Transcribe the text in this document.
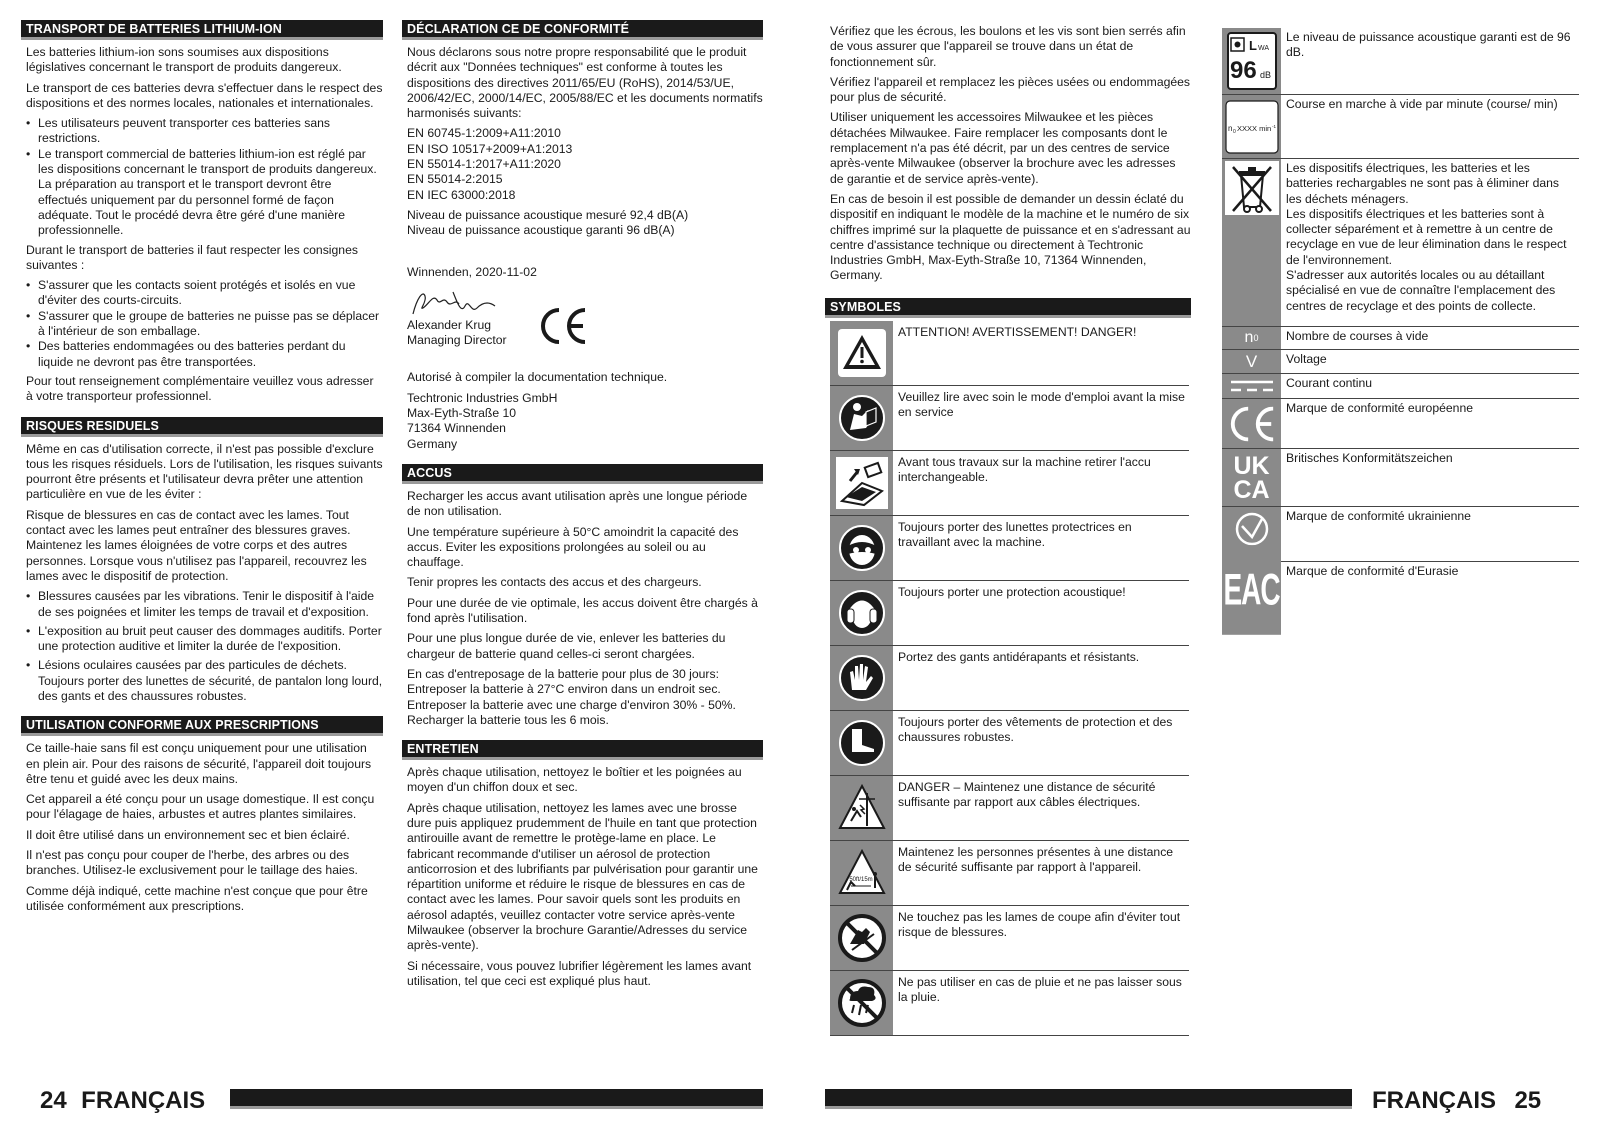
TRANSPORT DE BATTERIES LITHIUM-ION
Les batteries lithium-ion sons soumises aux dispositions législatives concernant le transport de produits dangereux.
Le transport de ces batteries devra s'effectuer dans le respect des dispositions et des normes locales, nationales et internationales.
• Les utilisateurs peuvent transporter ces batteries sans restrictions.
• Le transport commercial de batteries lithium-ion est réglé par les dispositions concernant le transport de produits dangereux. La préparation au transport et le transport devront être effectués uniquement par du personnel formé de façon adéquate. Tout le procédé devra être géré d'une manière professionnelle.
Durant le transport de batteries il faut respecter les consignes suivantes :
• S'assurer que les contacts soient protégés et isolés en vue d'éviter des courts-circuits.
• S'assurer que le groupe de batteries ne puisse pas se déplacer à l'intérieur de son emballage.
• Des batteries endommagées ou des batteries perdant du liquide ne devront pas être transportées.
Pour tout renseignement complémentaire veuillez vous adresser à votre transporteur professionnel.
RISQUES RESIDUELS
Même en cas d'utilisation correcte, il n'est pas possible d'exclure tous les risques résiduels. Lors de l'utilisation, les risques suivants pourront être présents et l'utilisateur devra prêter une attention particulière en vue de les éviter :
Risque de blessures en cas de contact avec les lames. Tout contact avec les lames peut entraîner des blessures graves. Maintenez les lames éloignées de votre corps et des autres personnes. Lorsque vous n'utilisez pas l'appareil, recouvrez les lames avec le dispositif de protection.
• Blessures causées par les vibrations. Tenir le dispositif à l'aide de ses poignées et limiter les temps de travail et d'exposition.
• L'exposition au bruit peut causer des dommages auditifs. Porter une protection auditive et limiter la durée de l'exposition.
• Lésions oculaires causées par des particules de déchets. Toujours porter des lunettes de sécurité, de pantalon long lourd, des gants et des chaussures robustes.
UTILISATION CONFORME AUX PRESCRIPTIONS
Ce taille-haie sans fil est conçu uniquement pour une utilisation en plein air. Pour des raisons de sécurité, l'appareil doit toujours être tenu et guidé avec les deux mains.
Cet appareil a été conçu pour un usage domestique. Il est conçu pour l'élagage de haies, arbustes et autres plantes similaires.
Il doit être utilisé dans un environnement sec et bien éclairé.
Il n'est pas conçu pour couper de l'herbe, des arbres ou des branches. Utilisez-le exclusivement pour le taillage des haies.
Comme déjà indiqué, cette machine n'est conçue que pour être utilisée conformément aux prescriptions.
DÉCLARATION CE DE CONFORMITÉ
Nous déclarons sous notre propre responsabilité que le produit décrit aux "Données techniques" est conforme à toutes les dispositions des directives 2011/65/EU (RoHS), 2014/53/UE, 2006/42/EC, 2000/14/EC, 2005/88/EC et les documents normatifs harmonisés suivants:
EN 60745-1:2009+A11:2010
EN ISO 10517+2009+A1:2013
EN 55014-1:2017+A11:2020
EN 55014-2:2015
EN IEC 63000:2018
Niveau de puissance acoustique mesuré 92,4 dB(A)
Niveau de puissance acoustique garanti 96 dB(A)
Winnenden, 2020-11-02
Alexander Krug
Managing Director
Autorisé à compiler la documentation technique.
Techtronic Industries GmbH
Max-Eyth-Straße 10
71364 Winnenden
Germany
ACCUS
Recharger les accus avant utilisation après une longue période de non utilisation.
Une température supérieure à 50°C amoindrit la capacité des accus. Eviter les expositions prolongées au soleil ou au chauffage.
Tenir propres les contacts des accus et des chargeurs.
Pour une durée de vie optimale, les accus doivent être chargés à fond après l'utilisation.
Pour une plus longue durée de vie, enlever les batteries du chargeur de batterie quand celles-ci seront chargées.
En cas d'entreposage de la batterie pour plus de 30 jours:
Entreposer la batterie à 27°C environ dans un endroit sec.
Entreposer la batterie avec une charge d'environ 30% - 50%.
Recharger la batterie tous les 6 mois.
ENTRETIEN
Après chaque utilisation, nettoyez le boîtier et les poignées au moyen d'un chiffon doux et sec.
Après chaque utilisation, nettoyez les lames avec une brosse dure puis appliquez prudemment de l'huile en tant que protection antirouille avant de remettre le protège-lame en place. Le fabricant recommande d'utiliser un aérosol de protection anticorrosion et des lubrifiants par pulvérisation pour garantir une répartition uniforme et réduire le risque de blessures en cas de contact avec les lames. Pour savoir quels sont les produits en aérosol adaptés, veuillez contacter votre service après-vente Milwaukee (observer la brochure Garantie/Adresses du service après-vente).
Si nécessaire, vous pouvez lubrifier légèrement les lames avant utilisation, tel que ceci est expliqué plus haut.
Vérifiez que les écrous, les boulons et les vis sont bien serrés afin de vous assurer que l'appareil se trouve dans un état de fonctionnement sûr.
Vérifiez l'appareil et remplacez les pièces usées ou endommagées pour plus de sécurité.
Utiliser uniquement les accessoires Milwaukee et les pièces détachées Milwaukee. Faire remplacer les composants dont le remplacement n'a pas été décrit, par un des centres de service après-vente Milwaukee (observer la brochure avec les adresses de garantie et de service après-vente).
En cas de besoin il est possible de demander un dessin éclaté du dispositif en indiquant le modèle de la machine et le numéro de six chiffres imprimé sur la plaquette de puissance et en s'adressant au centre d'assistance technique ou directement à Techtronic Industries GmbH, Max-Eyth-Straße 10, 71364 Winnenden, Germany.
SYMBOLES
ATTENTION! AVERTISSEMENT! DANGER!
Veuillez lire avec soin le mode d'emploi avant la mise en service
Avant tous travaux sur la machine retirer l'accu interchangeable.
Toujours porter des lunettes protectrices en travaillant avec la machine.
Toujours porter une protection acoustique!
Portez des gants antidérapants et résistants.
Toujours porter des vêtements de protection et des chaussures robustes.
DANGER – Maintenez une distance de sécurité suffisante par rapport aux câbles électriques.
50ft/15m
Maintenez les personnes présentes à une distance de sécurité suffisante par rapport à l'appareil.
Ne touchez pas les lames de coupe afin d'éviter tout risque de blessures.
Ne pas utiliser en cas de pluie et ne pas laisser sous la pluie.
L WA
96 dB
Le niveau de puissance acoustique garanti est de 96 dB.
n 0 XXXX min -1
Course en marche à vide par minute (course/ min)
Les dispositifs électriques, les batteries et les batteries rechargables ne sont pas à éliminer dans les déchets ménagers.
Les dispositifs électriques et les batteries sont à collecter séparément et à remettre à un centre de recyclage en vue de leur élimination dans le respect de l'environnement.
S'adresser aux autorités locales ou au détaillant spécialisé en vue de connaître l'emplacement des centres de recyclage et des points de collecte.
n 0	Nombre de courses à vide
V	Voltage
Courant continu
Marque de conformité européenne
UK
CA
Britisches Konformitätszeichen
Marque de conformité ukrainienne
EAC Marque de conformité d'Eurasie
24 FRANÇAIS	FRANÇAIS 25
